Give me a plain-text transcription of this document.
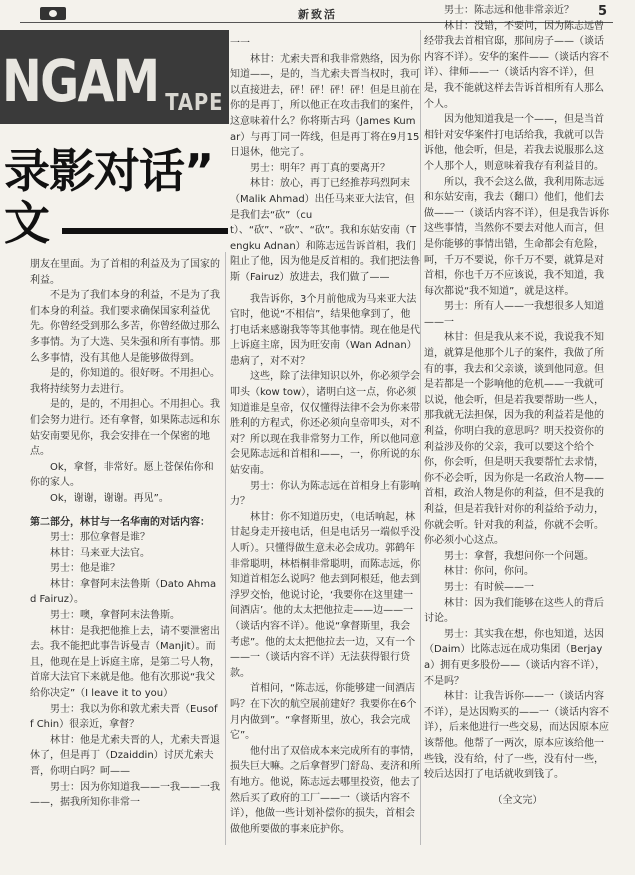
新致活	5
NGAM TAPE
录影对话”
文

朋友在里面。为了首相的利益及为了国家的利益。

不是为了我们本身的利益，不是为了我们本身的利益。我们要求确保国家利益优先。你曾经受到那么多苦，你曾经做过那么多事情。为了大选、吴朱强和所有事情。那么多事情，没有其他人是能够做得到。

是的，你知道的。很好呀。不用担心。我将持续努力去进行。

是的，是的，不用担心。不用担心。我们会努力进行。还有拿督，如果陈志远和东姑安南要见你，我会安排在一个保密的地点。

Ok，拿督，非常好。愿上苍保佑你和你的家人。

Ok，谢谢，谢谢。再见”。

第二部分，林甘与一名华南的对话内容：

男士：那位拿督是谁？

林甘：马来亚大法官。

男士：他是谁？

林甘：拿督阿末法鲁斯（Dato Ahmad Fairuz）。

男士：噢，拿督阿末法鲁斯。

林甘：是我把他推上去，请不要泄密出去。我不能把此事告诉曼吉（Manjit）。而且，他现在是上诉庭主席，是第二号人物，首席大法官下来就是他。他有次那说“我父给你决定”（I leave it to you）

男士：我以为你和敦尤索夫晋（Eusoff Chin）很亲近，拿督？

林甘：他是尤索夫晋的人，尤索夫晋退休了，但是再丁（Dzaiddin）讨厌尤索夫晋，你明白吗？呵——

男士：因为你知道我——一我——一我——，据我所知你非常一

一一

林甘：尤索夫晋和我非常熟络，因为你知道——，是的，当尤索夫晋当权时，我可以直接进去，砰！砰！砰！砰！但是旦前在你的是再丁，所以他正在攻击我们的案件，这意味着什么？你将斯古玛（James Kumar）与再丁同一阵线，但是再丁将在9月15日退休，他完了。

男士：明年？再丁真的要离开？

林甘：放心，再丁已经推荐玛烈阿末（Malik Ahmad）出任马来亚大法官，但是我们去“砍”（cut）、“砍”、“砍”、“砍”。我和东姑安南（Tengku Adnan）和陈志远告诉首相，我们阻止了他，因为他是反首相的。我们把法鲁斯（Fairuz）放进去，我们做了——

我告诉你，3个月前他成为马来亚大法官时，他说“不相信”，结果他拿到了，他打电话来感谢我等等其他事情。现在他是代上诉庭主席，因为旺安南（Wan Adnan）患病了，对不对？

这些，除了法律知识以外，你必须学会叩头（kow tow），诸明白这一点，你必须知道谁是皇帝，仅仅懂得法律不会为你来带胜利的方程式，你还必须向皇帝叩头，对不对？所以现在我非常努力工作，所以他同意会见陈志远和首相和——，一，你所说的东姑安南。

男士：你认为陈志远在首相身上有影响力？

林甘：你不知道历史，（电话响起，林甘起身走开接电话，但是电话另一端似乎没人听）。只懂得做生意未必会成功。郭鹤年非常聪明，林梧桐非常聪明，而陈志远，你知道首相怎么说吗？他去到阿根廷，他去到浮罗交怡，他说讨论，‘我要你在这里建一间酒店’。他的太太把他拉走——边——一（谈话内容不详）。他说“拿督斯里，我会考虑”。他的太太把他拉去一边，又有一个——一（谈话内容不详）无法获得银行贷款。

首相问，“陈志远，你能够建一间酒店吗？在下次的航空展前建好？我要你在6个月内做到”。“拿督斯里，放心，我会完成它”。

他付出了双倍成本来完成所有的事情，损失巨大嘛。之后拿督罗门舒岛、麦济和所有地方。他说，陈志远去哪里投资，他去了然后买了政府的工厂——一（谈话内容不详），他做一些计划补偿你的损失，首相会做他所要做的事来庇护你。

男士：陈志远和他非常亲近？

林甘：没错，不要问，因为陈志远曾经带我去首相官邸，那间房子——（谈话内容不详）。安华的案件——（谈话内容不详）、律师——一（谈话内容不详），但是，我不能就这样去告诉首相所有人那么个人。

因为他知道我是一个——，但是当首相针对安华案件打电话给我，我就可以告诉他，他会听，但是，若我去说服那么这个人那个人，则意味着我存有利益目的。

所以，我不会这么做，我利用陈志远和东姑安南，我去（翻口）他们，他们去做——一（谈话内容不详），但是我告诉你这些事情，当然你不要去对他人而言，但是你能够的事情出错，生命都会有危险，呵，千万不要说，你千万不要，就算是对首相，你也千万不应该说，我不知道，我每次都说“我不知道”，就是这样。

男士：所有人——一我想很多人知道——一

林甘：但是我从来不说，我说我不知道，就算是他那个儿子的案件，我做了所有的事，我去和父亲谈，谈到他同意。但是若都是一个影响他的危机——一我就可以说，他会听，但是若我要帮助一些人，那我就无法担保，因为我的利益若是他的利益，你明白我的意思吗？明天投资你的利益涉及你的父亲，我可以要这个给个你，你会听，但是明天我要帮忙去求情，你不必会听，因为你是一名政治人物——首相，政治人物是你的利益，但不是我的利益，但是若我针对你的利益给予动力，你就会听。针对我的利益，你就不会听。你必须小心这点。

男士：拿督，我想问你一个问题。

林甘：你问，你问。

男士：有时候——一

林甘：因为我们能够在这些人的背后讨论。

男士：其实我在想，你也知道，达因（Daim）比陈志远在成功集团（Berjaya）拥有更多股份——（谈话内容不详），不是吗？

林甘：让我告诉你——一（谈话内容不详），是达因购买的——一（谈话内容不详），后来他进行一些交易，而达因原本应该帮他。他帮了一两次，原本应该给他一些钱，没有给，付了一些，没有付一些，较后达因打了电话就收到钱了。

（全文完）
